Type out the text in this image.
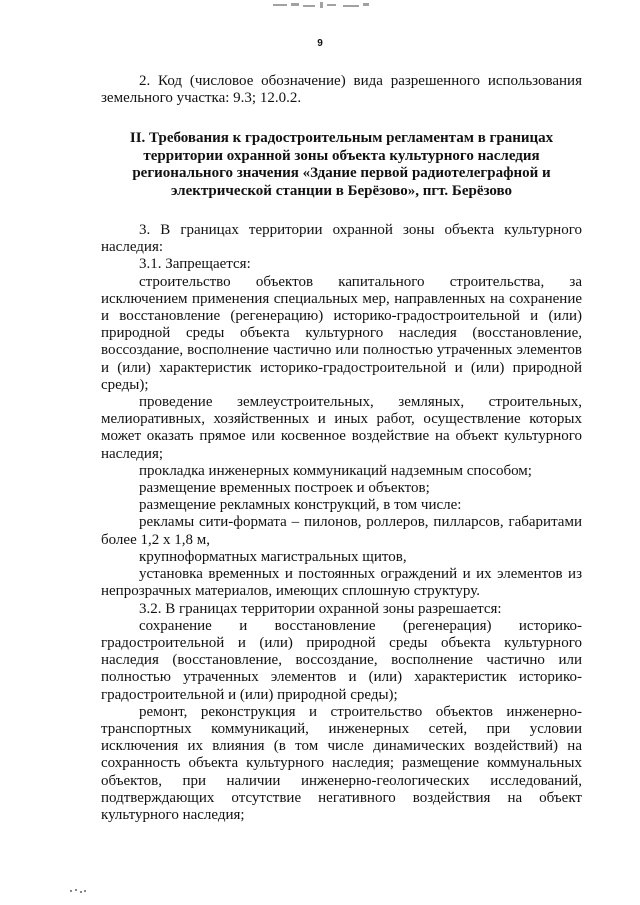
9

2. Код (числовое обозначение) вида разрешенного использования земельного участка: 9.3; 12.0.2.

II. Требования к градостроительным регламентам в границах территории охранной зоны объекта культурного наследия регионального значения «Здание первой радиотелеграфной и электрической станции в Берёзово», пгт. Берёзово

3. В границах территории охранной зоны объекта культурного наследия:

3.1. Запрещается:

строительство объектов капитального строительства, за исключением применения специальных мер, направленных на сохранение и восстановление (регенерацию) историко-градостроительной и (или) природной среды объекта культурного наследия (восстановление, воссоздание, восполнение частично или полностью утраченных элементов и (или) характеристик историко-градостроительной и (или) природной среды);

проведение землеустроительных, земляных, строительных, мелиоративных, хозяйственных и иных работ, осуществление которых может оказать прямое или косвенное воздействие на объект культурного наследия;

прокладка инженерных коммуникаций надземным способом;

размещение временных построек и объектов;

размещение рекламных конструкций, в том числе:

рекламы сити-формата – пилонов, роллеров, пилларсов, габаритами более 1,2 х 1,8 м,

крупноформатных магистральных щитов,

установка временных и постоянных ограждений и их элементов из непрозрачных материалов, имеющих сплошную структуру.

3.2. В границах территории охранной зоны разрешается:

сохранение и восстановление (регенерация) историко-градостроительной и (или) природной среды объекта культурного наследия (восстановление, воссоздание, восполнение частично или полностью утраченных элементов и (или) характеристик историко-градостроительной и (или) природной среды);

ремонт, реконструкция и строительство объектов инженерно-транспортных коммуникаций, инженерных сетей, при условии исключения их влияния (в том числе динамических воздействий) на сохранность объекта культурного наследия; размещение коммунальных объектов, при наличии инженерно-геологических исследований, подтверждающих отсутствие негативного воздействия на объект культурного наследия;
